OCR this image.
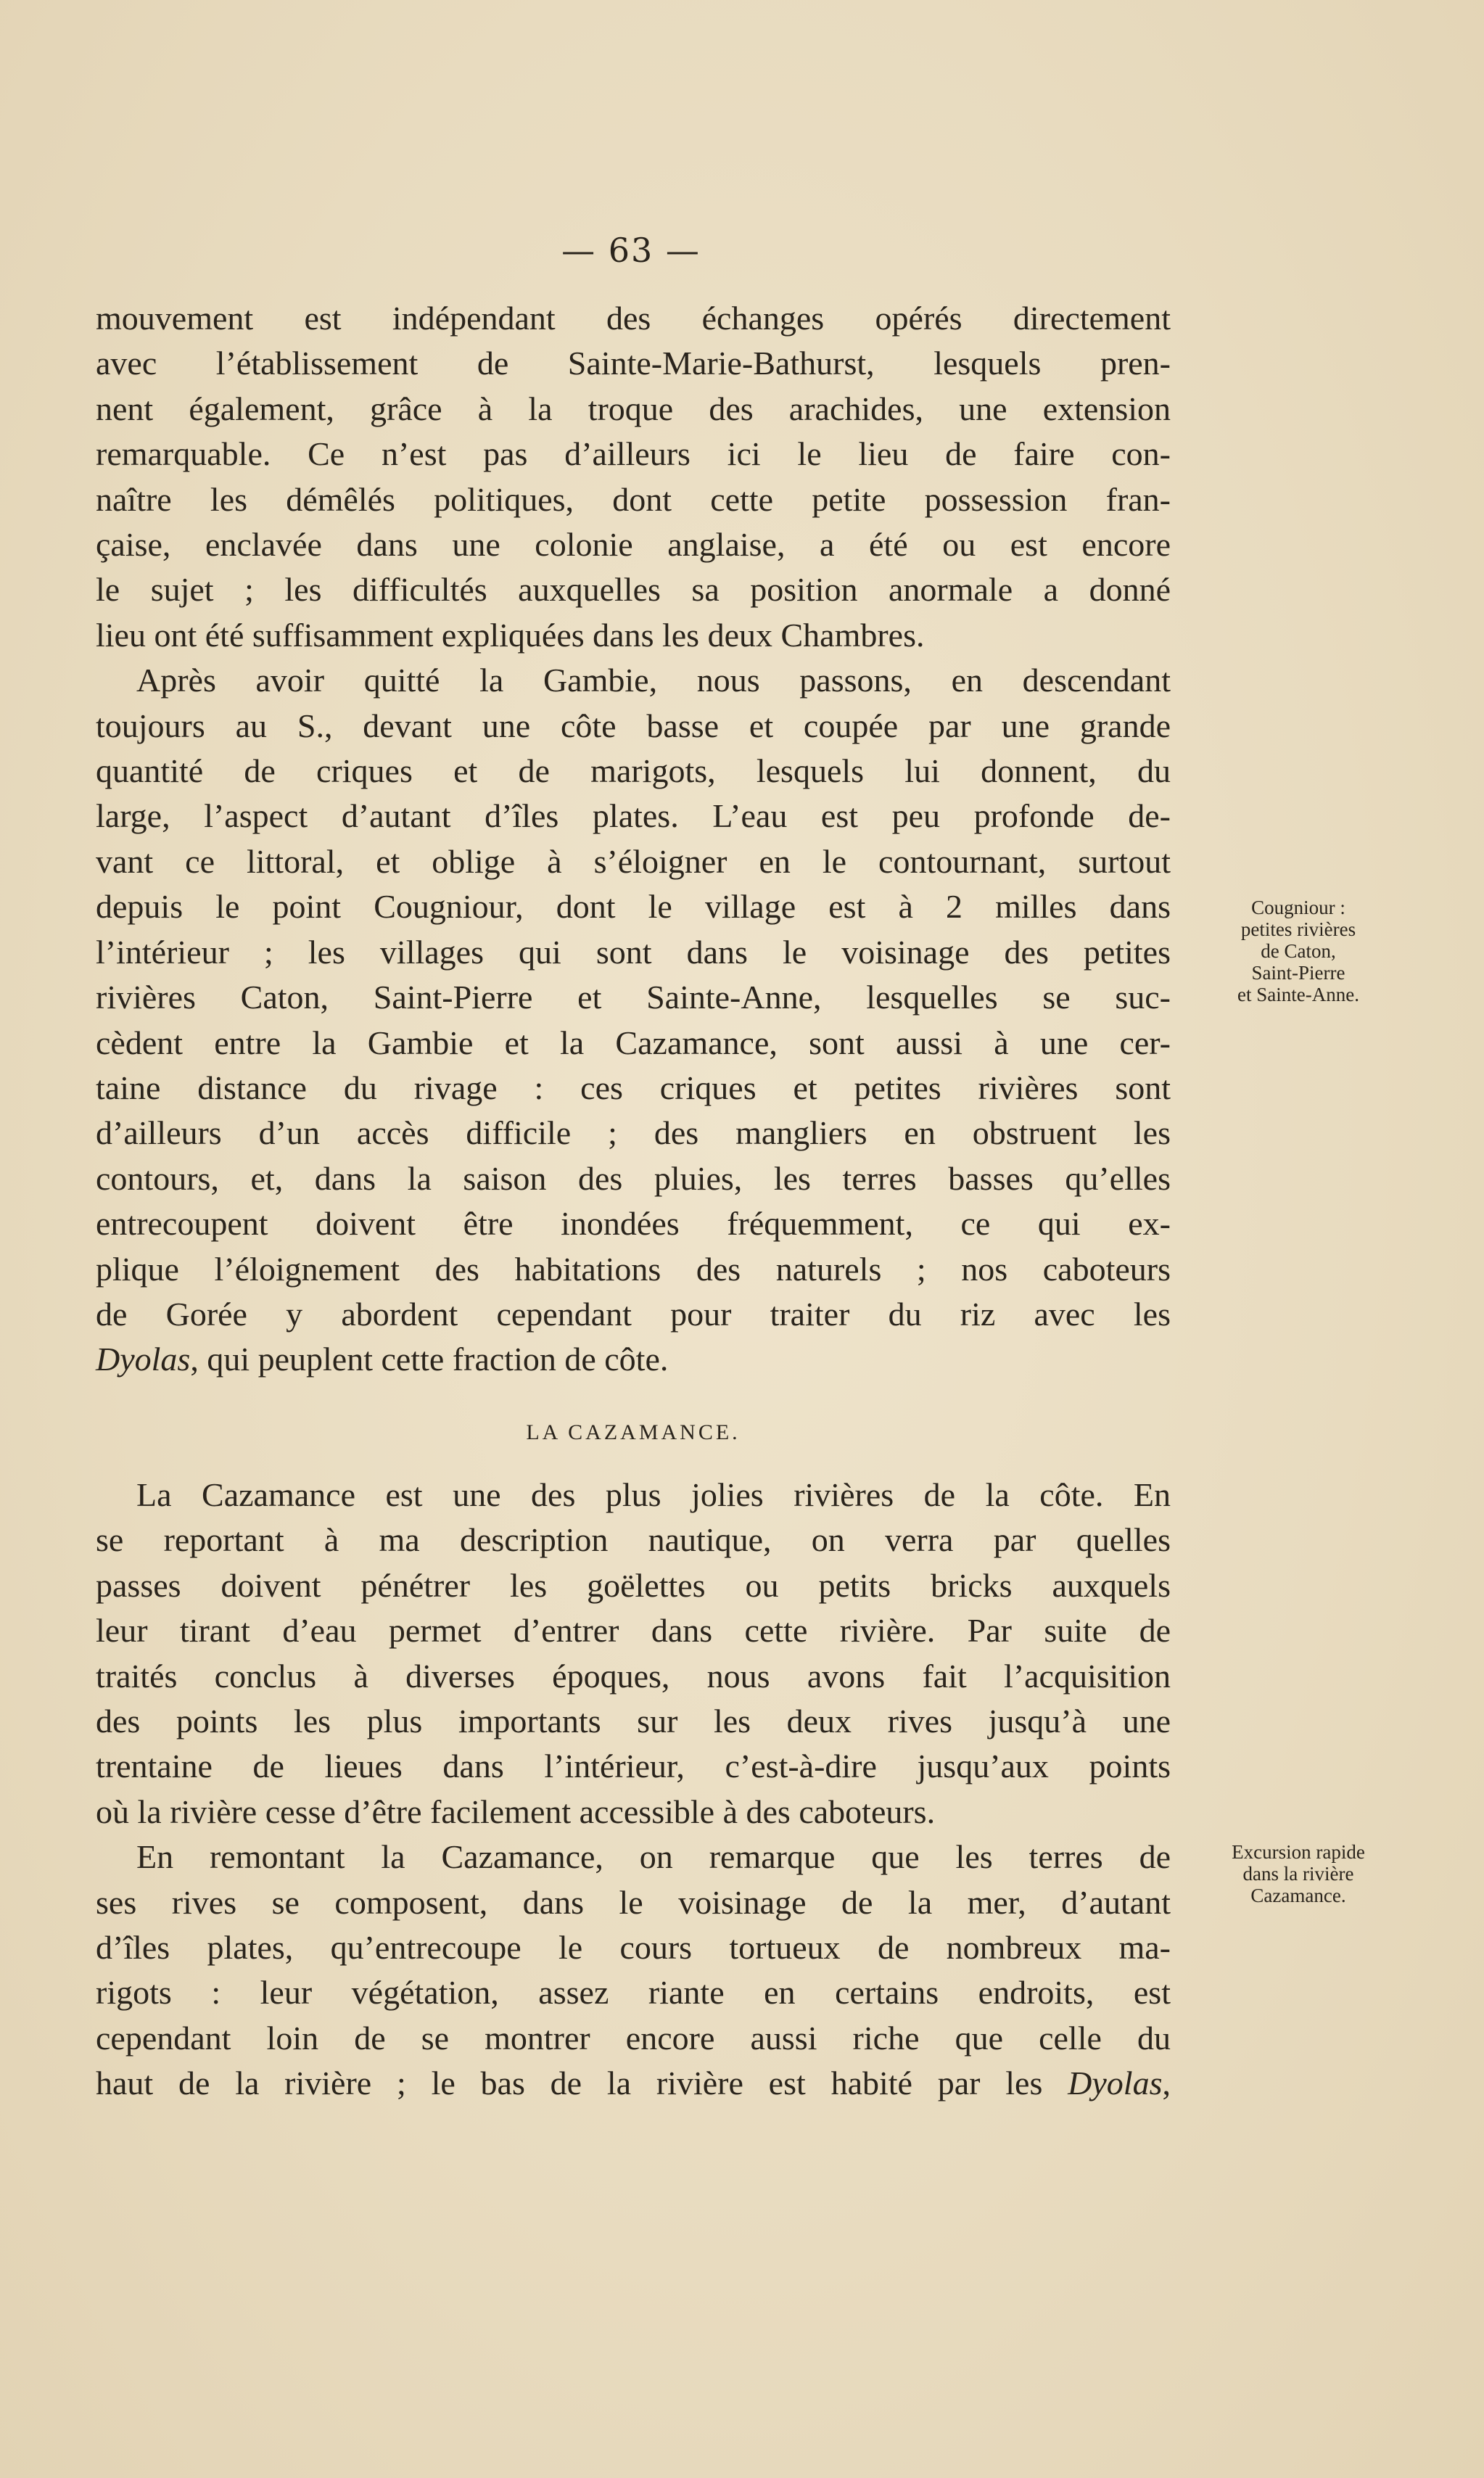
— 63 —

mouvement est indépendant des échanges opérés directement
avec l’établissement de Sainte-Marie-Bathurst, lesquels pren-
nent également, grâce à la troque des arachides, une extension
remarquable. Ce n’est pas d’ailleurs ici le lieu de faire con-
naître les démêlés politiques, dont cette petite possession fran-
çaise, enclavée dans une colonie anglaise, a été ou est encore
le sujet ; les difficultés auxquelles sa position anormale a donné
lieu ont été suffisamment expliquées dans les deux Chambres.

Après avoir quitté la Gambie, nous passons, en descendant
toujours au S., devant une côte basse et coupée par une grande
quantité de criques et de marigots, lesquels lui donnent, du
large, l’aspect d’autant d’îles plates. L’eau est peu profonde de-
vant ce littoral, et oblige à s’éloigner en le contournant, surtout
depuis le point Cougniour, dont le village est à 2 milles dans
l’intérieur ; les villages qui sont dans le voisinage des petites
rivières Caton, Saint-Pierre et Sainte-Anne, lesquelles se suc-
cèdent entre la Gambie et la Cazamance, sont aussi à une cer-
taine distance du rivage : ces criques et petites rivières sont
d’ailleurs d’un accès difficile ; des mangliers en obstruent les
contours, et, dans la saison des pluies, les terres basses qu’elles
entrecoupent doivent être inondées fréquemment, ce qui ex-
plique l’éloignement des habitations des naturels ; nos caboteurs
de Gorée y abordent cependant pour traiter du riz avec les
Dyolas, qui peuplent cette fraction de côte.

LA CAZAMANCE.

La Cazamance est une des plus jolies rivières de la côte. En
se reportant à ma description nautique, on verra par quelles
passes doivent pénétrer les goëlettes ou petits bricks auxquels
leur tirant d’eau permet d’entrer dans cette rivière. Par suite de
traités conclus à diverses époques, nous avons fait l’acquisition
des points les plus importants sur les deux rives jusqu’à une
trentaine de lieues dans l’intérieur, c’est-à-dire jusqu’aux points
où la rivière cesse d’être facilement accessible à des caboteurs.

En remontant la Cazamance, on remarque que les terres de
ses rives se composent, dans le voisinage de la mer, d’autant
d’îles plates, qu’entrecoupe le cours tortueux de nombreux ma-
rigots : leur végétation, assez riante en certains endroits, est
cependant loin de se montrer encore aussi riche que celle du
haut de la rivière ; le bas de la rivière est habité par les Dyolas,

Cougniour :
petites rivières
de Caton,
Saint-Pierre
et Sainte-Anne.
Excursion rapide
dans la rivière
Cazamance.
